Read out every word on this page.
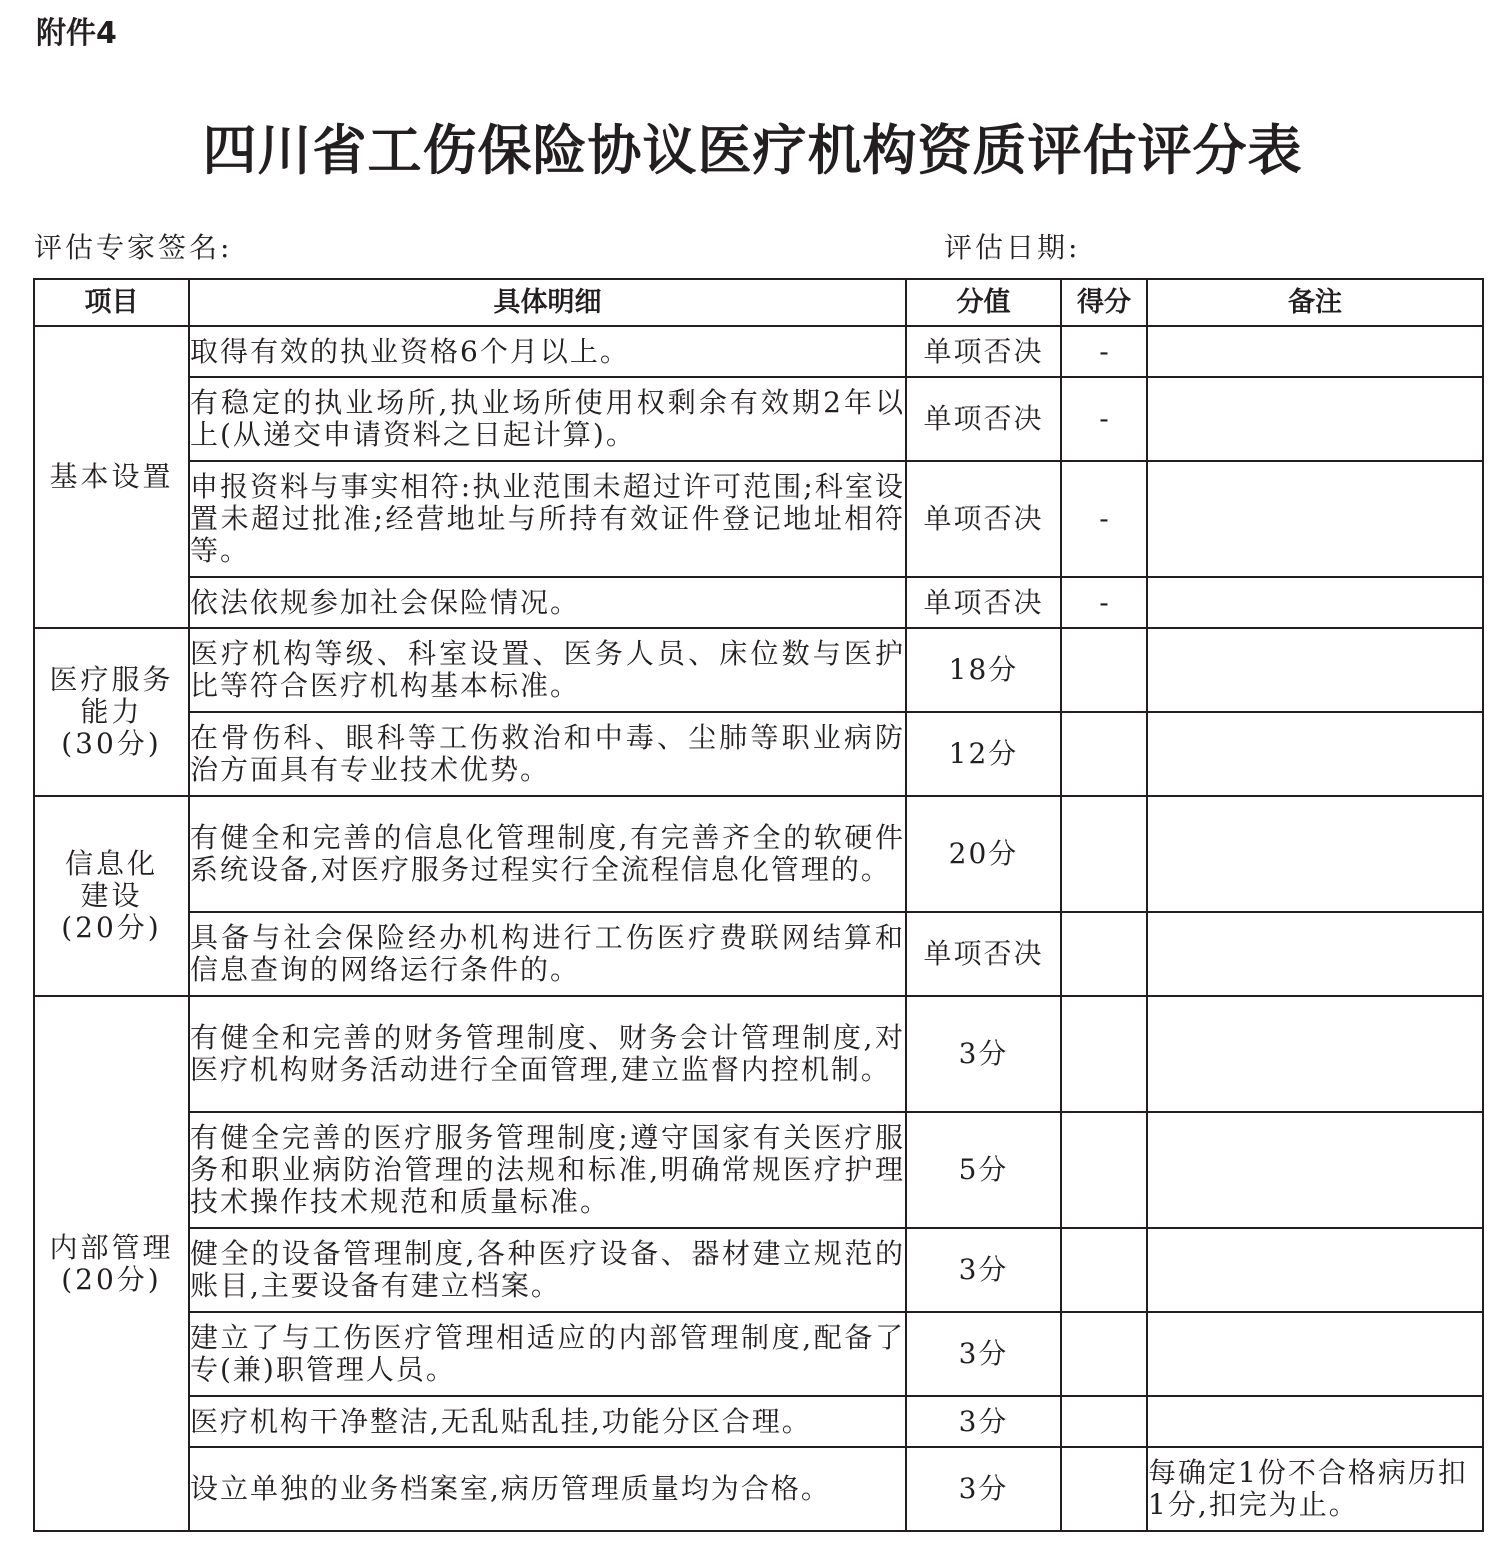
附件4
四川省工伤保险协议医疗机构资质评估评分表
评估专家签名:	评估日期:
项目	具体明细	分值	得分	备注

基本设置	取得有效的执业资格6个月以上。	单项否决	-	
	有稳定的执业场所,执业场所使用权剩余有效期2年以上(从递交申请资料之日起计算)。	单项否决	-	
	申报资料与事实相符:执业范围未超过许可范围;科室设置未超过批准;经营地址与所持有效证件登记地址相符等。	单项否决	-	
	依法依规参加社会保险情况。	单项否决	-	

医疗服务
能力
(30分)	医疗机构等级、科室设置、医务人员、床位数与医护比等符合医疗机构基本标准。	18分		
	在骨伤科、眼科等工伤救治和中毒、尘肺等职业病防治方面具有专业技术优势。	12分		

信息化
建设
(20分)	有健全和完善的信息化管理制度,有完善齐全的软硬件系统设备,对医疗服务过程实行全流程信息化管理的。	20分		
	具备与社会保险经办机构进行工伤医疗费联网结算和信息查询的网络运行条件的。	单项否决		

内部管理
(20分)	有健全和完善的财务管理制度、财务会计管理制度,对医疗机构财务活动进行全面管理,建立监督内控机制。	3分		
	有健全完善的医疗服务管理制度;遵守国家有关医疗服务和职业病防治管理的法规和标准,明确常规医疗护理技术操作技术规范和质量标准。	5分		
	健全的设备管理制度,各种医疗设备、器材建立规范的账目,主要设备有建立档案。	3分		
	建立了与工伤医疗管理相适应的内部管理制度,配备了专(兼)职管理人员。	3分		
	医疗机构干净整洁,无乱贴乱挂,功能分区合理。	3分		
	设立单独的业务档案室,病历管理质量均为合格。	3分		每确定1份不合格病历扣1分,扣完为止。
